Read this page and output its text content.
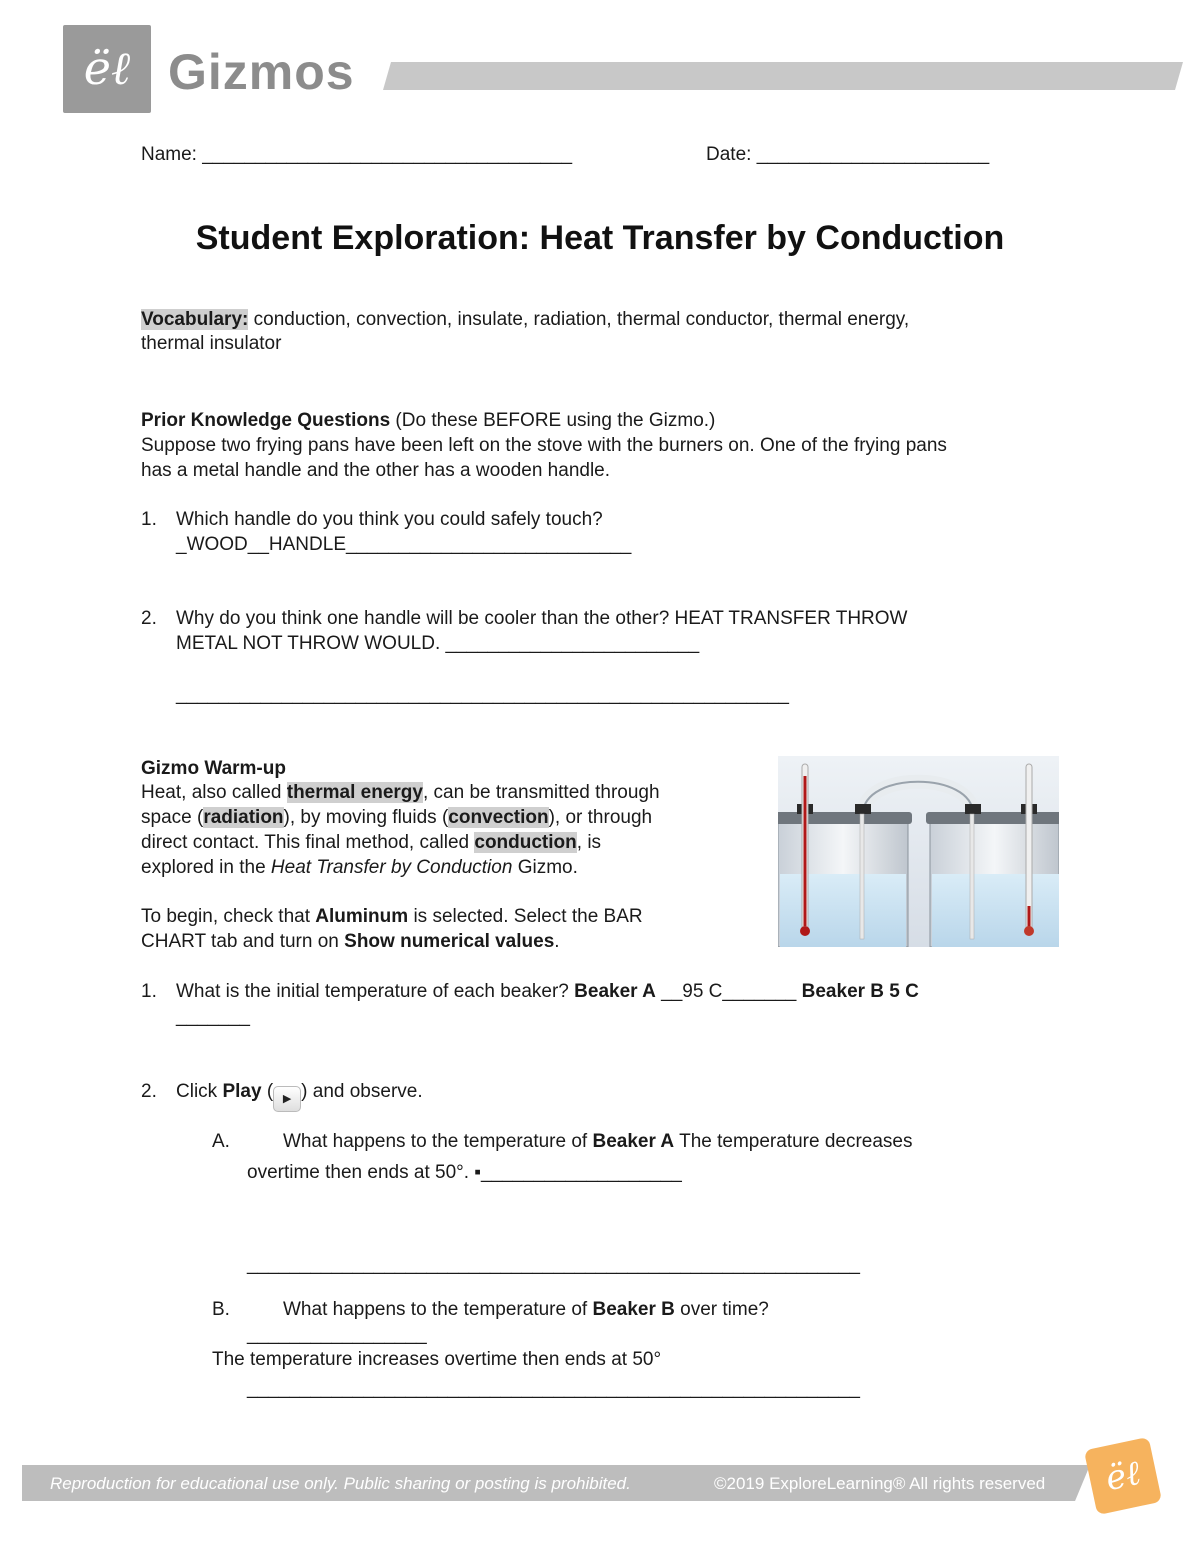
ëℓ Gizmos
Name: ___________________________________	Date: ______________________
Student Exploration: Heat Transfer by Conduction
Vocabulary: conduction, convection, insulate, radiation, thermal conductor, thermal energy,
thermal insulator
Prior Knowledge Questions (Do these BEFORE using the Gizmo.)
Suppose two frying pans have been left on the stove with the burners on. One of the frying pans
has a metal handle and the other has a wooden handle.
1. Which handle do you think you could safely touch?
_WOOD__HANDLE___________________________
2. Why do you think one handle will be cooler than the other? HEAT TRANSFER THROW
METAL NOT THROW WOULD. ________________________
__________________________________________________________
Gizmo Warm-up
Heat, also called thermal energy, can be transmitted through
space (radiation), by moving fluids (convection), or through
direct contact. This final method, called conduction, is
explored in the Heat Transfer by Conduction Gizmo.
To begin, check that Aluminum is selected. Select the BAR
CHART tab and turn on Show numerical values.
1. What is the initial temperature of each beaker? Beaker A __95 C_______ Beaker B 5 C
_______
2. Click Play ( ▶ ) and observe.
A.	What happens to the temperature of Beaker A The temperature decreases
overtime then ends at 50°. ▪___________________
__________________________________________________________
B.	What happens to the temperature of Beaker B over time?
_________________
The temperature increases overtime then ends at 50°
__________________________________________________________
Reproduction for educational use only. Public sharing or posting is prohibited.	©2019 ExploreLearning® All rights reserved	ëℓ
